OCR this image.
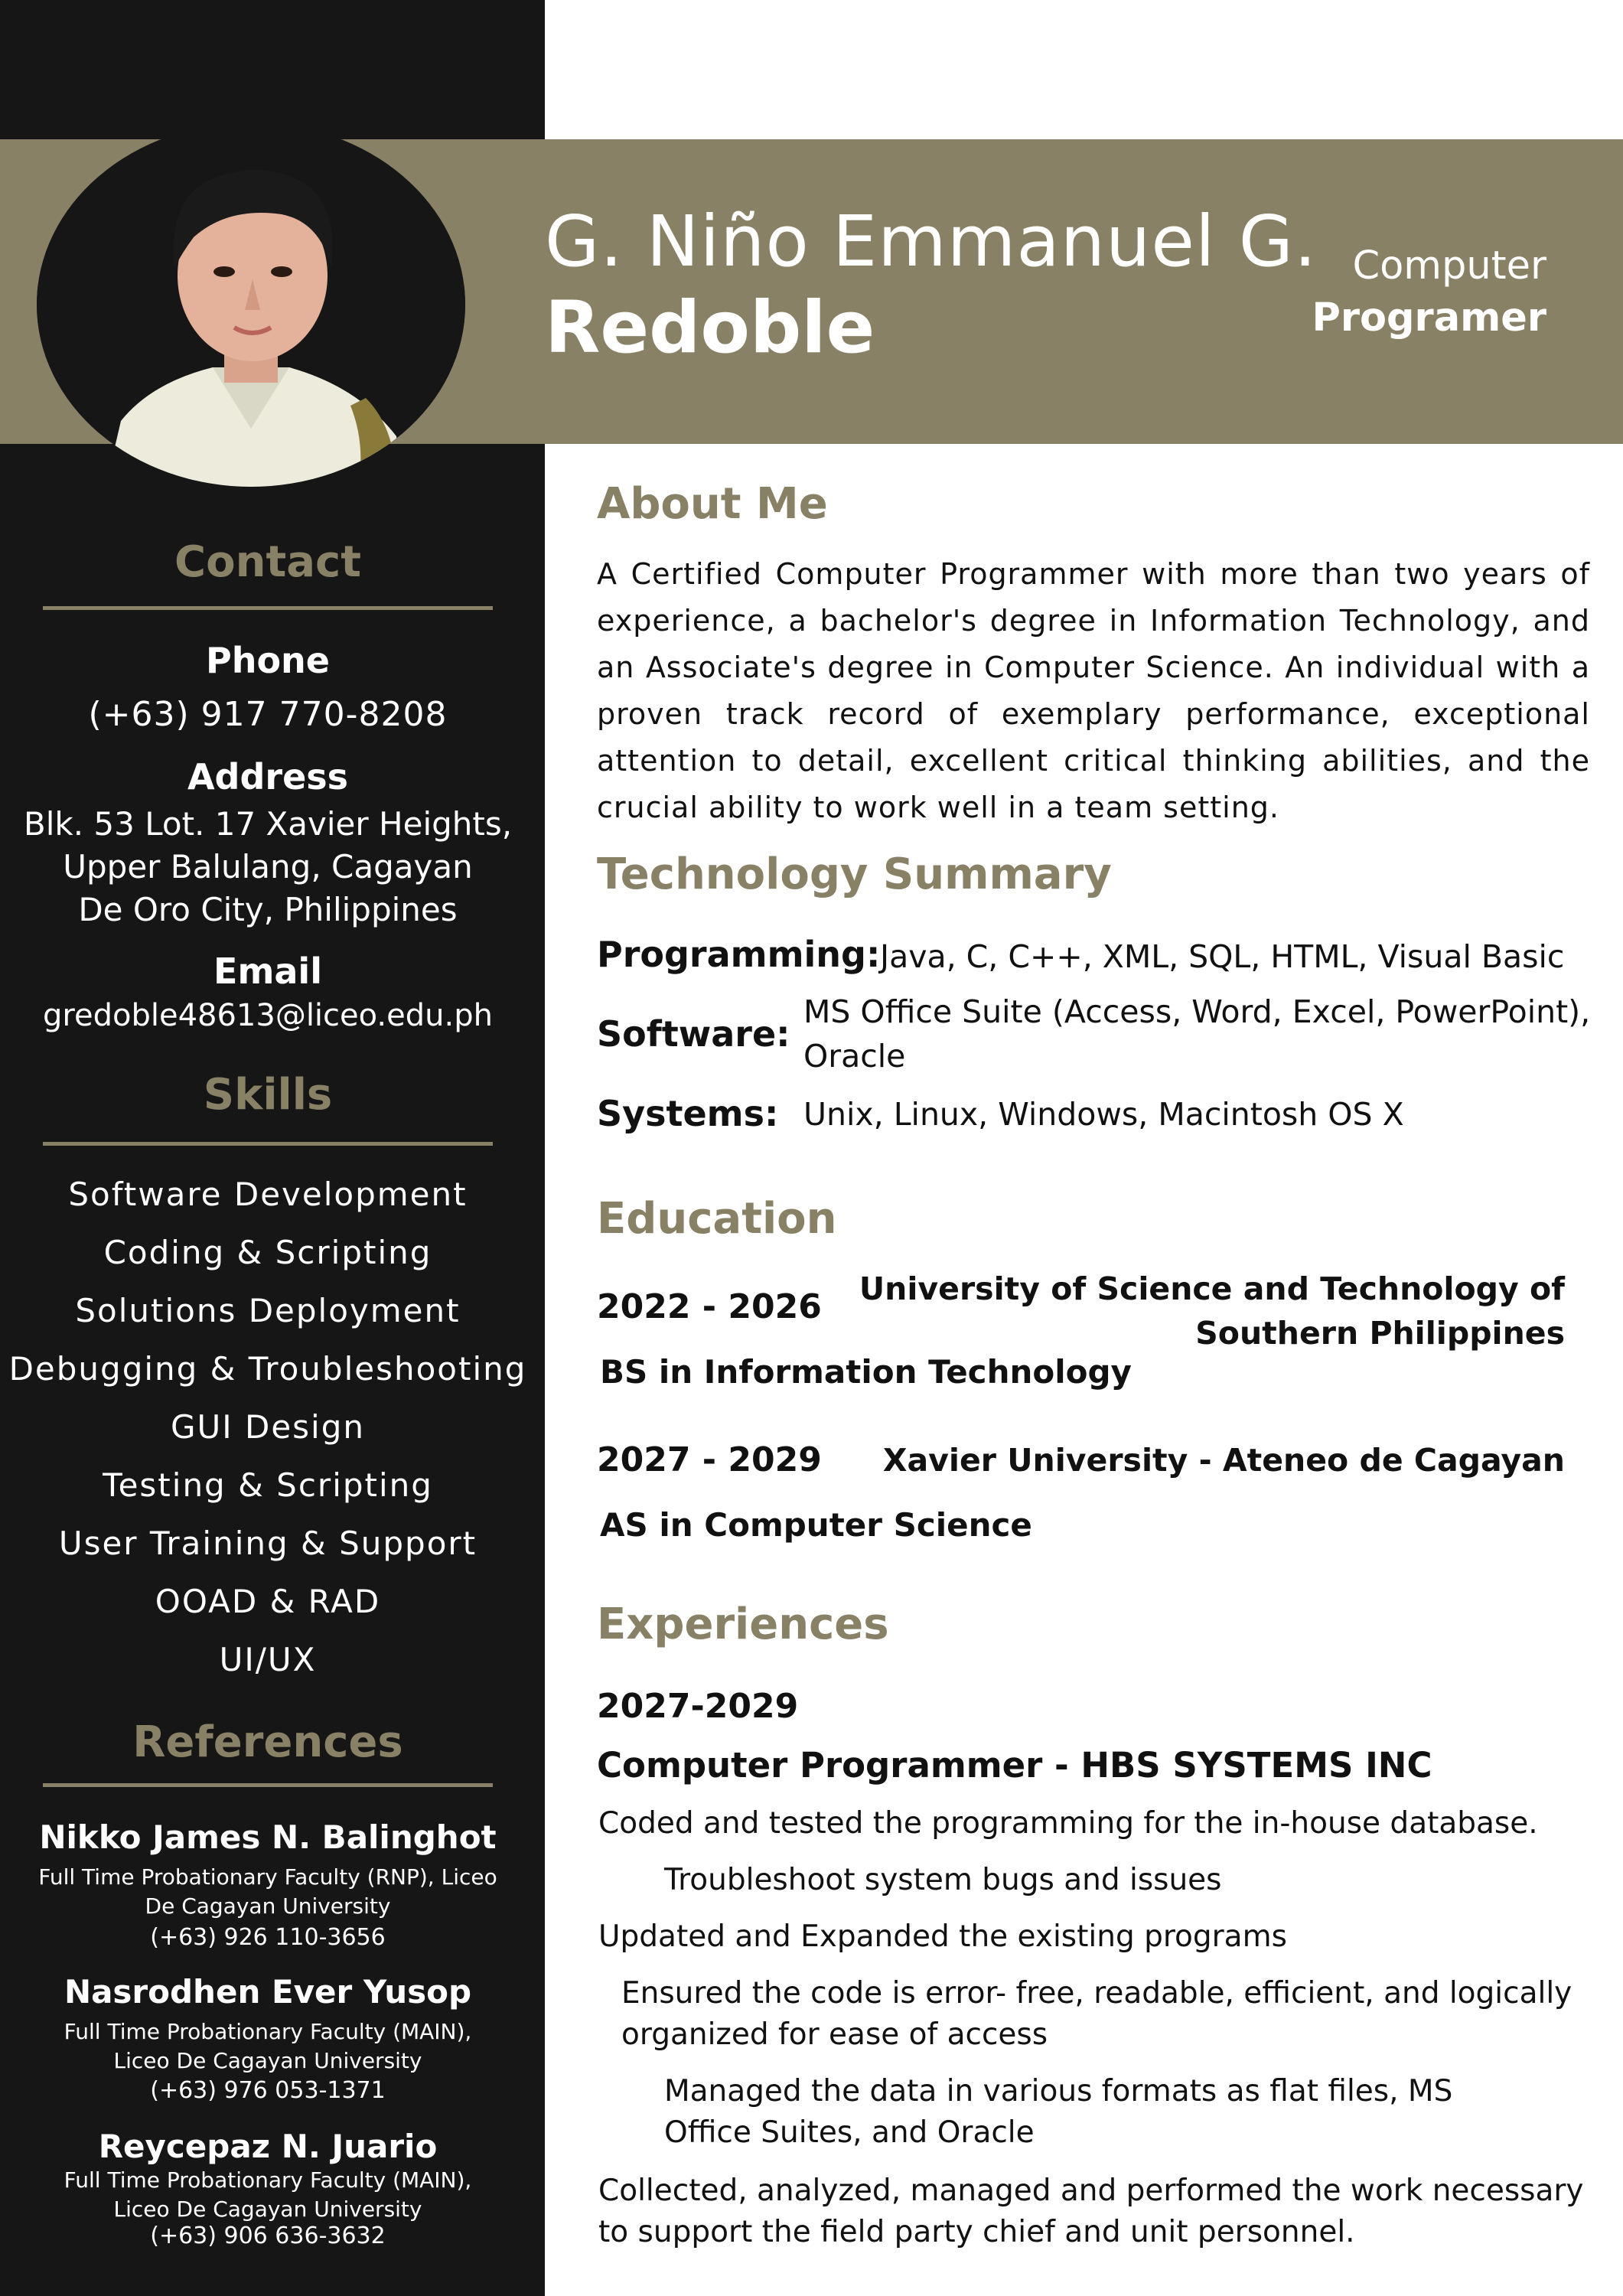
G. Niño Emmanuel G.
Redoble
Computer
Programer
Contact
Phone
(+63) 917 770-8208
Address
Blk. 53 Lot. 17 Xavier Heights,
Upper Balulang, Cagayan
De Oro City, Philippines
Email
gredoble48613@liceo.edu.ph
Skills
Software Development
Coding & Scripting
Solutions Deployment
Debugging & Troubleshooting
GUI Design
Testing & Scripting
User Training & Support
OOAD & RAD
UI/UX
References
Nikko James N. Balinghot
Full Time Probationary Faculty (RNP), Liceo
De Cagayan University
(+63) 926 110-3656
Nasrodhen Ever Yusop
Full Time Probationary Faculty (MAIN),
Liceo De Cagayan University
(+63) 976 053-1371
Reycepaz N. Juario
Full Time Probationary Faculty (MAIN),
Liceo De Cagayan University
(+63) 906 636-3632
About Me
A Certified Computer Programmer with more than two years of experience, a bachelor's degree in Information Technology, and an Associate's degree in Computer Science. An individual with a proven track record of exemplary performance, exceptional attention to detail, excellent critical thinking abilities, and the crucial ability to work well in a team setting.
Technology Summary
Programming: Java, C, C++, XML, SQL, HTML, Visual Basic
Software:
MS Office Suite (Access, Word, Excel, PowerPoint),
Oracle
Systems: Unix, Linux, Windows, Macintosh OS X
Education
2022 - 2026 University of Science and Technology of
Southern Philippines
BS in Information Technology
2027 - 2029 Xavier University - Ateneo de Cagayan
AS in Computer Science
Experiences
2027-2029
Computer Programmer - HBS SYSTEMS INC
Coded and tested the programming for the in-house database.
Troubleshoot system bugs and issues
Updated and Expanded the existing programs
Ensured the code is error- free, readable, efficient, and logically organized for ease of access
Managed the data in various formats as flat files, MS Office Suites, and Oracle
Collected, analyzed, managed and performed the work necessary to support the field party chief and unit personnel.
